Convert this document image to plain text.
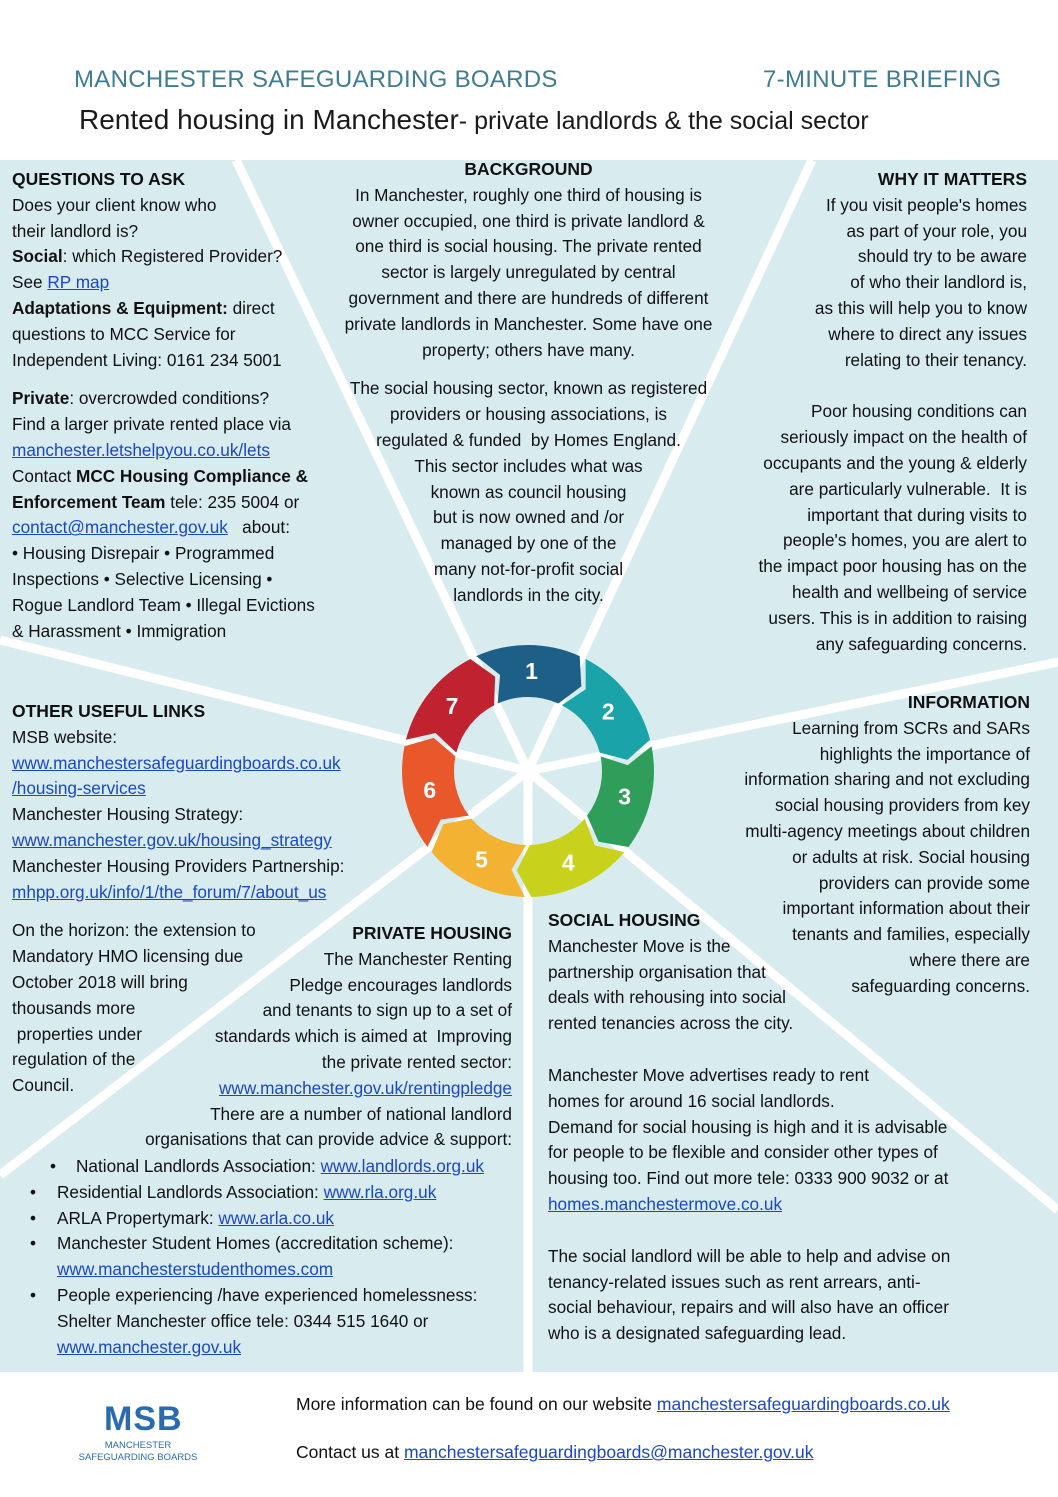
MANCHESTER SAFEGUARDING BOARDS	7-MINUTE BRIEFING
Rented housing in Manchester- private landlords & the social sector

QUESTIONS TO ASK

Does your client know who

their landlord is?

Social: which Registered Provider?

See RP map

Adaptations & Equipment: direct

questions to MCC Service for

Independent Living: 0161 234 5001

Private: overcrowded conditions?

Find a larger private rented place via

manchester.letshelpyou.co.uk/lets

Contact MCC Housing Compliance &

Enforcement Team tele: 235 5004 or

contact@manchester.gov.uk   about:

• Housing Disrepair • Programmed

Inspections • Selective Licensing •

Rogue Landlord Team • Illegal Evictions

& Harassment • Immigration

BACKGROUND

In Manchester, roughly one third of housing is

owner occupied, one third is private landlord &

one third is social housing. The private rented

sector is largely unregulated by central

government and there are hundreds of different

private landlords in Manchester. Some have one

property; others have many.

The social housing sector, known as registered

providers or housing associations, is

regulated & funded  by Homes England.

This sector includes what was

known as council housing

but is now owned and /or

managed by one of the

many not-for-profit social

landlords in the city.

WHY IT MATTERS

If you visit people's homes

as part of your role, you

should try to be aware

of who their landlord is,

as this will help you to know

where to direct any issues

relating to their tenancy.

Poor housing conditions can

seriously impact on the health of

occupants and the young & elderly

are particularly vulnerable.  It is

important that during visits to

people's homes, you are alert to

the impact poor housing has on the

health and wellbeing of service

users. This is in addition to raising

any safeguarding concerns.

INFORMATION

Learning from SCRs and SARs

highlights the importance of

information sharing and not excluding

social housing providers from key

multi-agency meetings about children

or adults at risk. Social housing

providers can provide some

important information about their

tenants and families, especially

where there are

safeguarding concerns.

OTHER USEFUL LINKS

MSB website:

www.manchestersafeguardingboards.co.uk

/housing-services

Manchester Housing Strategy:

www.manchester.gov.uk/housing_strategy

Manchester Housing Providers Partnership:

mhpp.org.uk/info/1/the_forum/7/about_us

On the horizon: the extension to

Mandatory HMO licensing due

October 2018 will bring

thousands more

properties under

regulation of the

Council.

PRIVATE HOUSING

The Manchester Renting

Pledge encourages landlords

and tenants to sign up to a set of

standards which is aimed at  Improving

the private rented sector:

www.manchester.gov.uk/rentingpledge

There are a number of national landlord

organisations that can provide advice & support:

• National Landlords Association: www.landlords.org.uk
• Residential Landlords Association: www.rla.org.uk
• ARLA Propertymark: www.arla.co.uk
• Manchester Student Homes (accreditation scheme):
www.manchesterstudenthomes.com
• People experiencing /have experienced homelessness:
Shelter Manchester office tele: 0344 515 1640 or
www.manchester.gov.uk

SOCIAL HOUSING

Manchester Move is the

partnership organisation that

deals with rehousing into social

rented tenancies across the city.

Manchester Move advertises ready to rent

homes for around 16 social landlords.

Demand for social housing is high and it is advisable

for people to be flexible and consider other types of

housing too. Find out more tele: 0333 900 9032 or at

homes.manchestermove.co.uk

The social landlord will be able to help and advise on

tenancy-related issues such as rent arrears, anti-

social behaviour, repairs and will also have an officer

who is a designated safeguarding lead.

1
2
3
4
5
6
7
MSB
MANCHESTER SAFEGUARDING BOARDS
More information can be found on our website manchestersafeguardingboards.co.uk
Contact us at manchestersafeguardingboards@manchester.gov.uk
